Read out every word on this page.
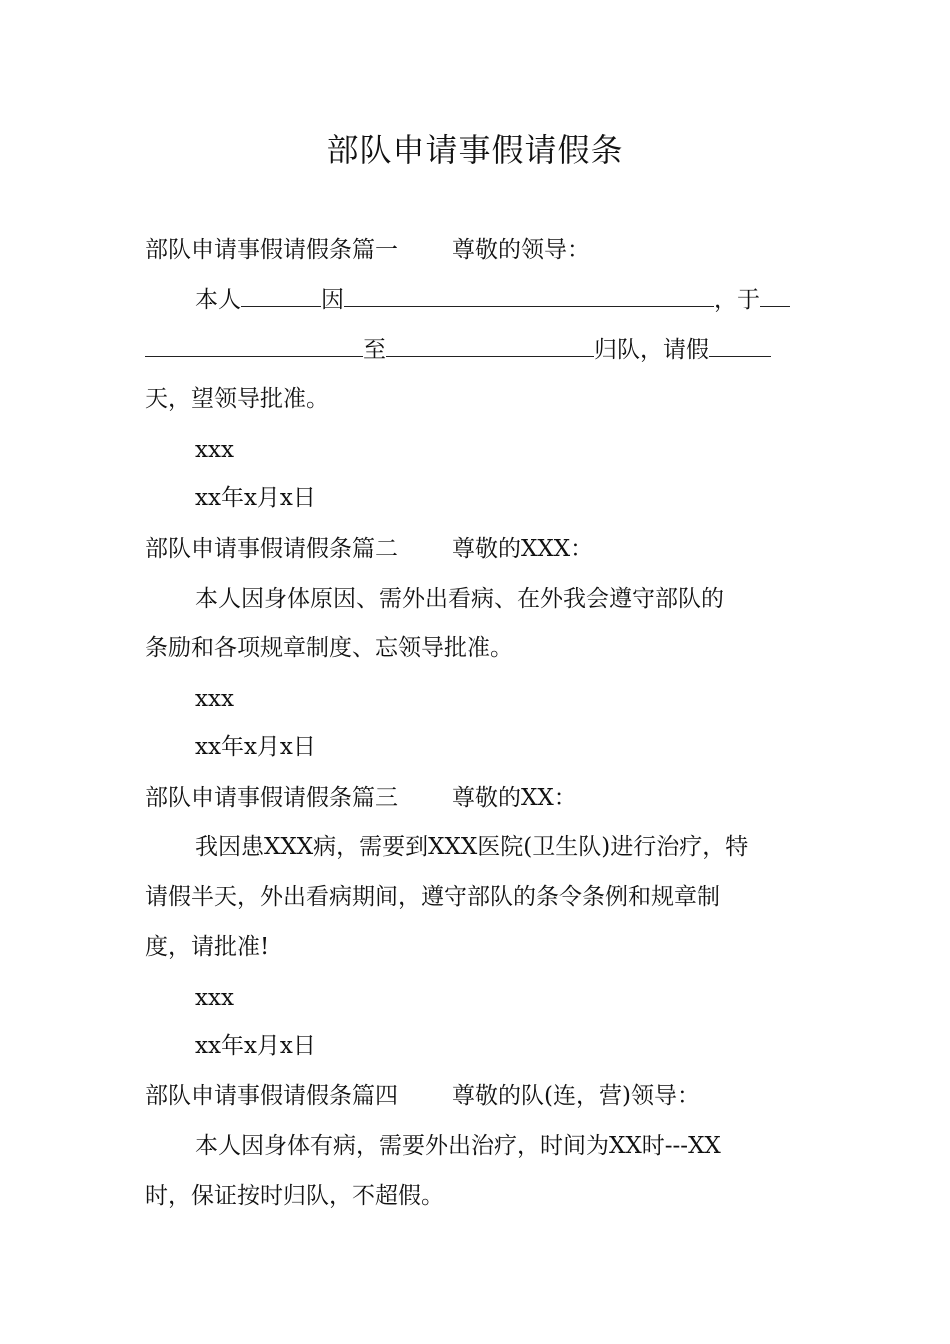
部队申请事假请假条
部队申请事假请假条篇一 尊敬的领导：
本人	因	，于
至	归队，请假
天，望领导批准。
xxx
xx年x月x日
部队申请事假请假条篇二 尊敬的XXX：
本人因身体原因、需外出看病、在外我会遵守部队的
条励和各项规章制度、忘领导批准。
xxx
xx年x月x日
部队申请事假请假条篇三 尊敬的XX：
我因患XXX病，需要到XXX医院(卫生队)进行治疗，特
请假半天，外出看病期间，遵守部队的条令条例和规章制
度，请批准!
xxx
xx年x月x日
部队申请事假请假条篇四 尊敬的队(连，营)领导：
本人因身体有病，需要外出治疗，时间为XX时---XX
时，保证按时归队，不超假。
